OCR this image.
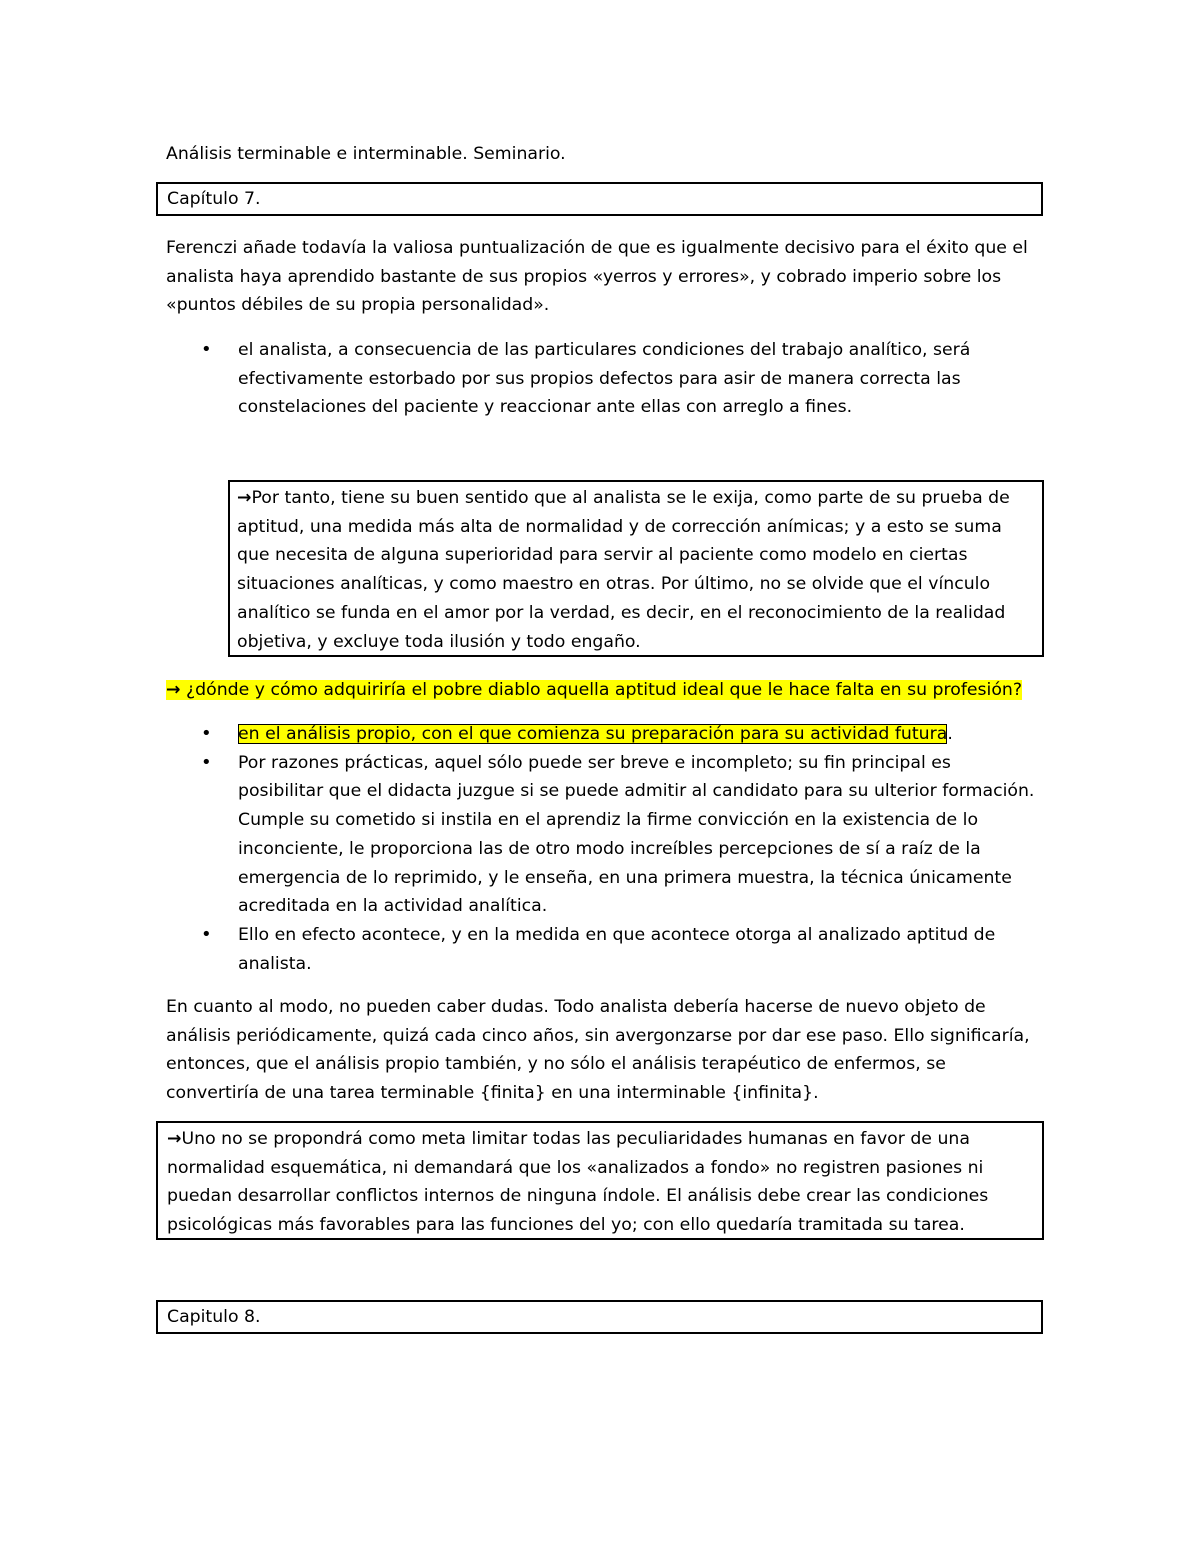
Análisis terminable e interminable. Seminario.
Capítulo 7.
Ferenczi añade todavía la valiosa puntualización de que es igualmente decisivo para el éxito que el analista haya aprendido bastante de sus propios «yerros y errores», y cobrado imperio sobre los «puntos débiles de su propia personalidad».
• el analista, a consecuencia de las particulares condiciones del trabajo analítico, será efectivamente estorbado por sus propios defectos para asir de manera correcta las constelaciones del paciente y reaccionar ante ellas con arreglo a fines.
→Por tanto, tiene su buen sentido que al analista se le exija, como parte de su prueba de aptitud, una medida más alta de normalidad y de corrección anímicas; y a esto se suma que necesita de alguna superioridad para servir al paciente como modelo en ciertas situaciones analíticas, y como maestro en otras. Por último, no se olvide que el vínculo analítico se funda en el amor por la verdad, es decir, en el reconocimiento de la realidad objetiva, y excluye toda ilusión y todo engaño.
→ ¿dónde y cómo adquiriría el pobre diablo aquella aptitud ideal que le hace falta en su profesión?
• en el análisis propio, con el que comienza su preparación para su actividad futura.
• Por razones prácticas, aquel sólo puede ser breve e incompleto; su fin principal es posibilitar que el didacta juzgue si se puede admitir al candidato para su ulterior formación. Cumple su cometido si instila en el aprendiz la firme convicción en la existencia de lo inconciente, le proporciona las de otro modo increíbles percepciones de sí a raíz de la emergencia de lo reprimido, y le enseña, en una primera muestra, la técnica únicamente acreditada en la actividad analítica.
• Ello en efecto acontece, y en la medida en que acontece otorga al analizado aptitud de analista.
En cuanto al modo, no pueden caber dudas. Todo analista debería hacerse de nuevo objeto de análisis periódicamente, quizá cada cinco años, sin avergonzarse por dar ese paso. Ello significaría, entonces, que el análisis propio también, y no sólo el análisis terapéutico de enfermos, se convertiría de una tarea terminable {finita} en una interminable {infinita}.
→Uno no se propondrá como meta limitar todas las peculiaridades humanas en favor de una normalidad esquemática, ni demandará que los «analizados a fondo» no registren pasiones ni puedan desarrollar conflictos internos de ninguna índole. El análisis debe crear las condiciones psicológicas más favorables para las funciones del yo; con ello quedaría tramitada su tarea.
Capitulo 8.
